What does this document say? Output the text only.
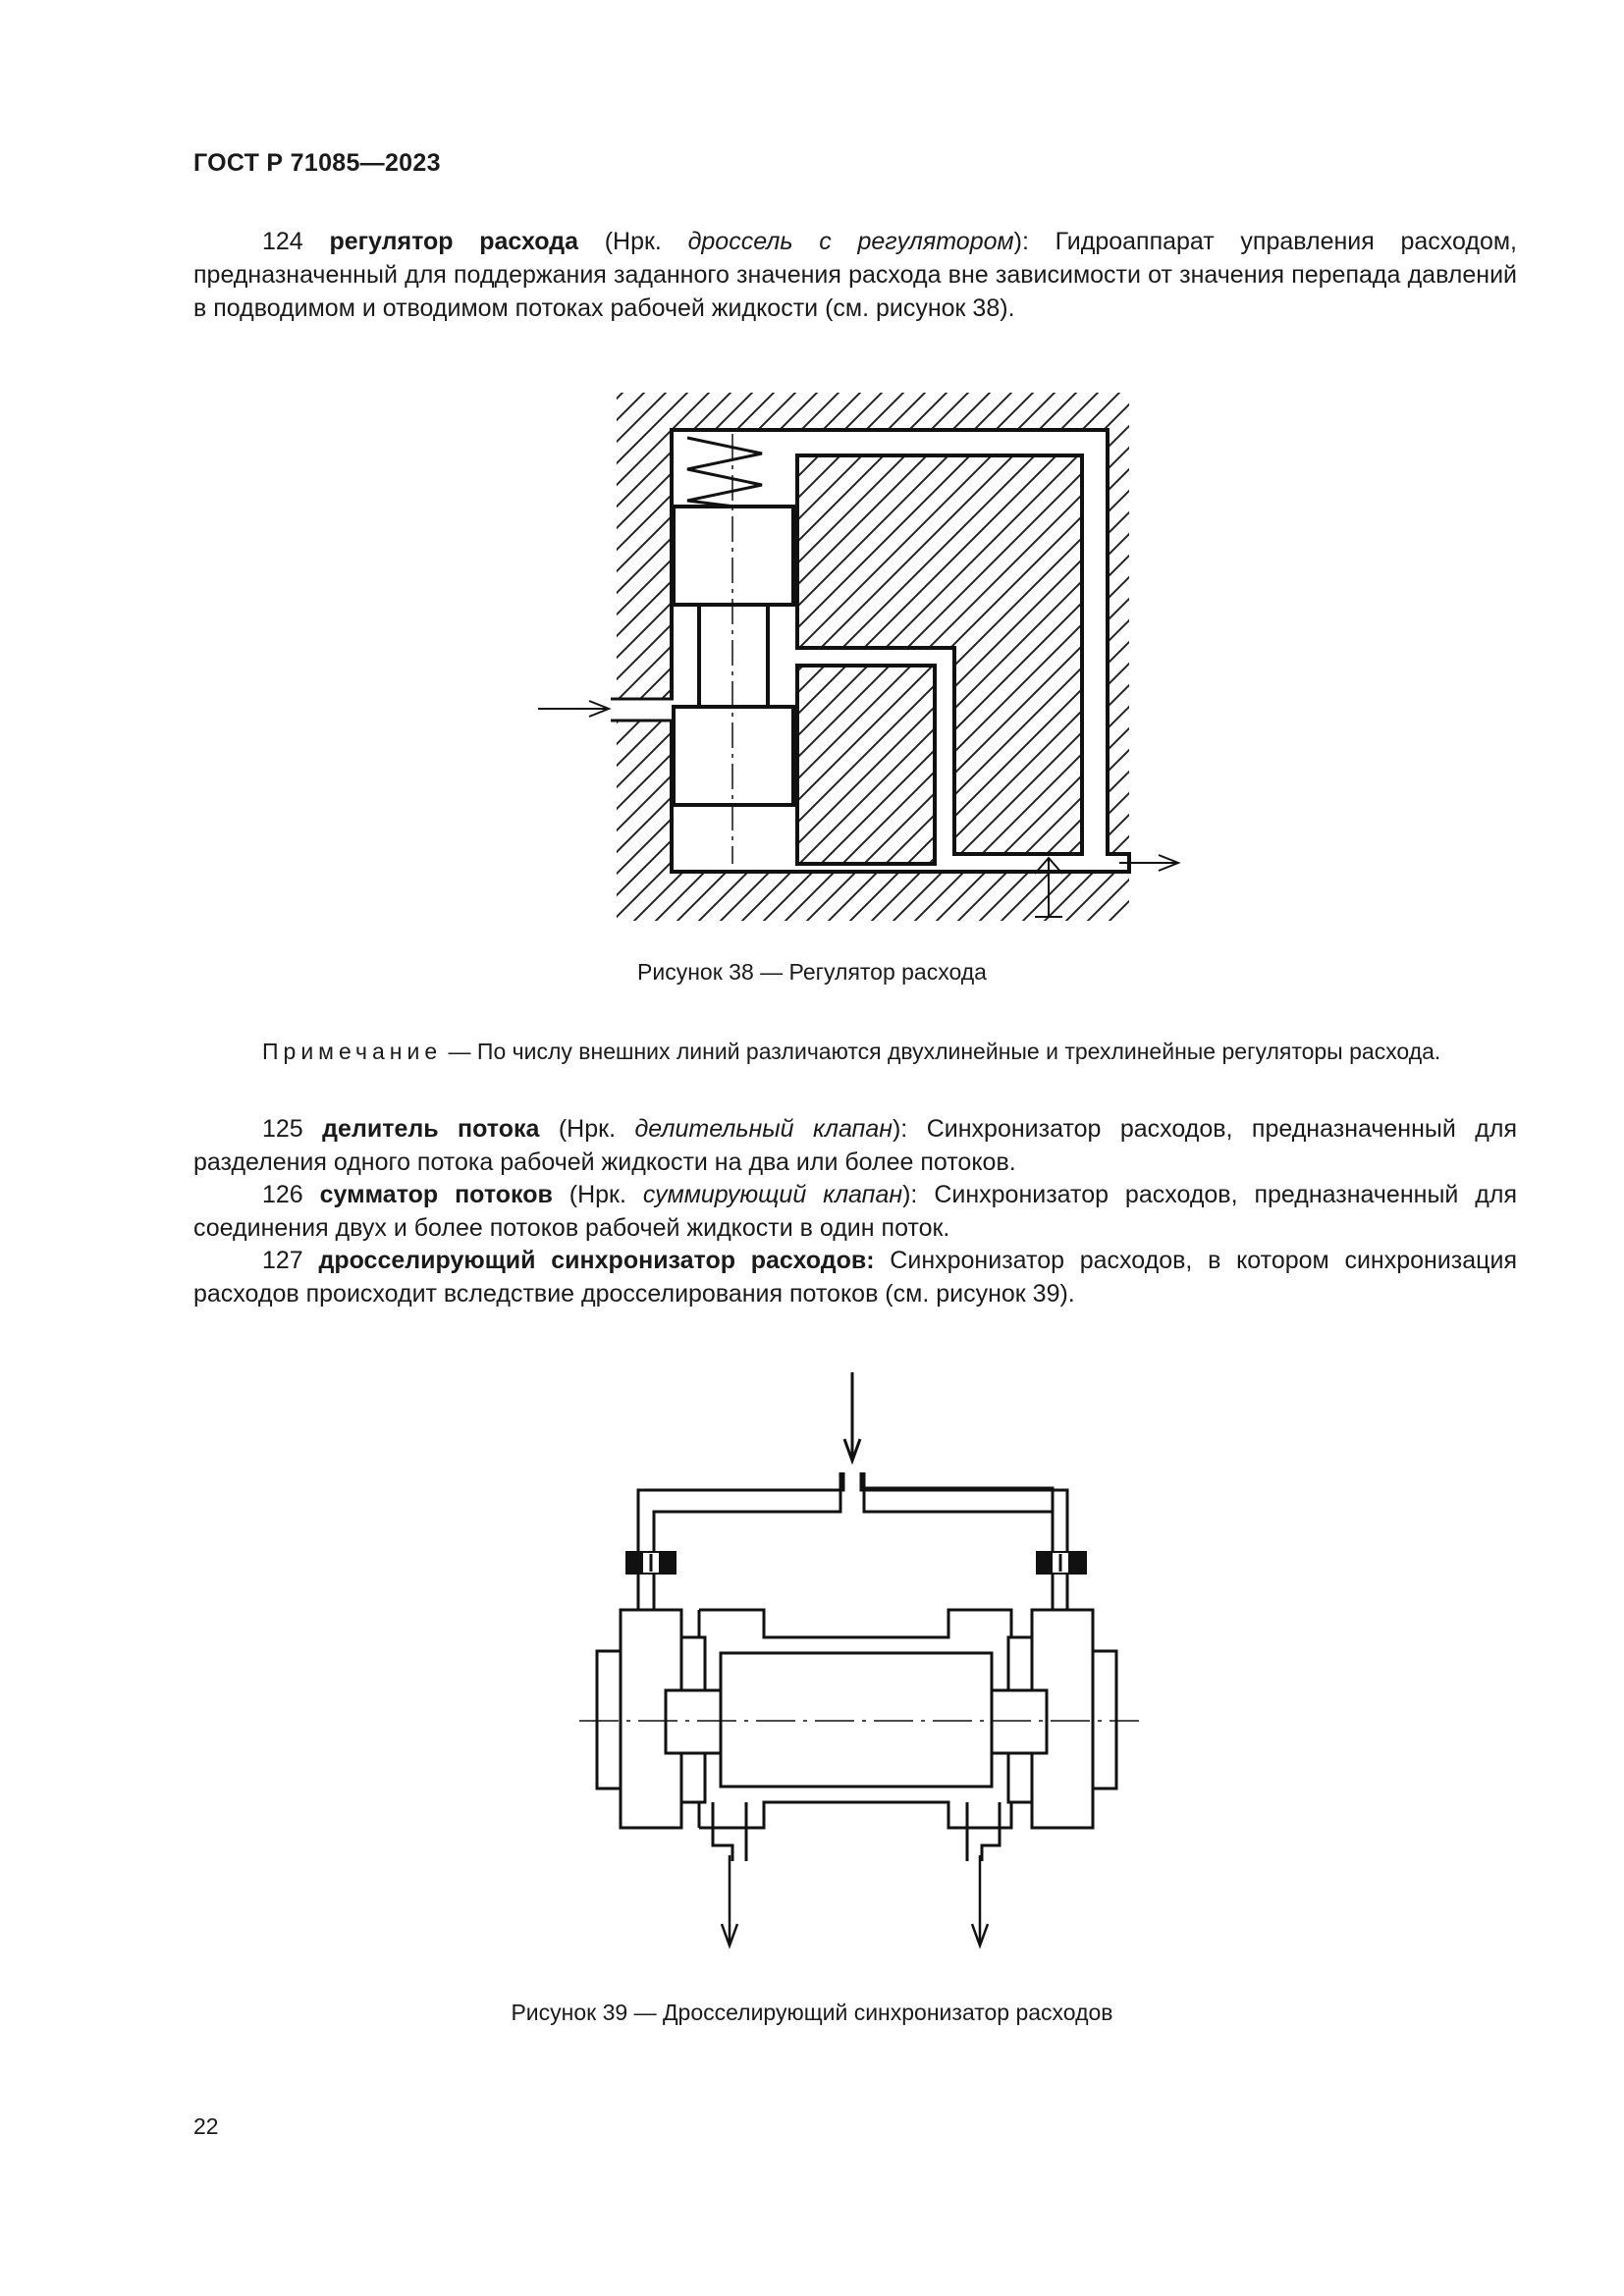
ГОСТ Р 71085—2023
124 регулятор расхода (Нрк. дроссель с регулятором): Гидроаппарат управления расходом, предназначенный для поддержания заданного значения расхода вне зависимости от значения перепада давлений в подводимом и отводимом потоках рабочей жидкости (см. рисунок 38).
Рисунок 38 — Регулятор расхода
Примечание — По числу внешних линий различаются двухлинейные и трехлинейные регуляторы расхода.
125 делитель потока (Нрк. делительный клапан): Синхронизатор расходов, предназначенный для разделения одного потока рабочей жидкости на два или более потоков.
126 сумматор потоков (Нрк. суммирующий клапан): Синхронизатор расходов, предназначенный для соединения двух и более потоков рабочей жидкости в один поток.
127 дросселирующий синхронизатор расходов: Синхронизатор расходов, в котором синхронизация расходов происходит вследствие дросселирования потоков (см. рисунок 39).
Рисунок 39 — Дросселирующий синхронизатор расходов
22
